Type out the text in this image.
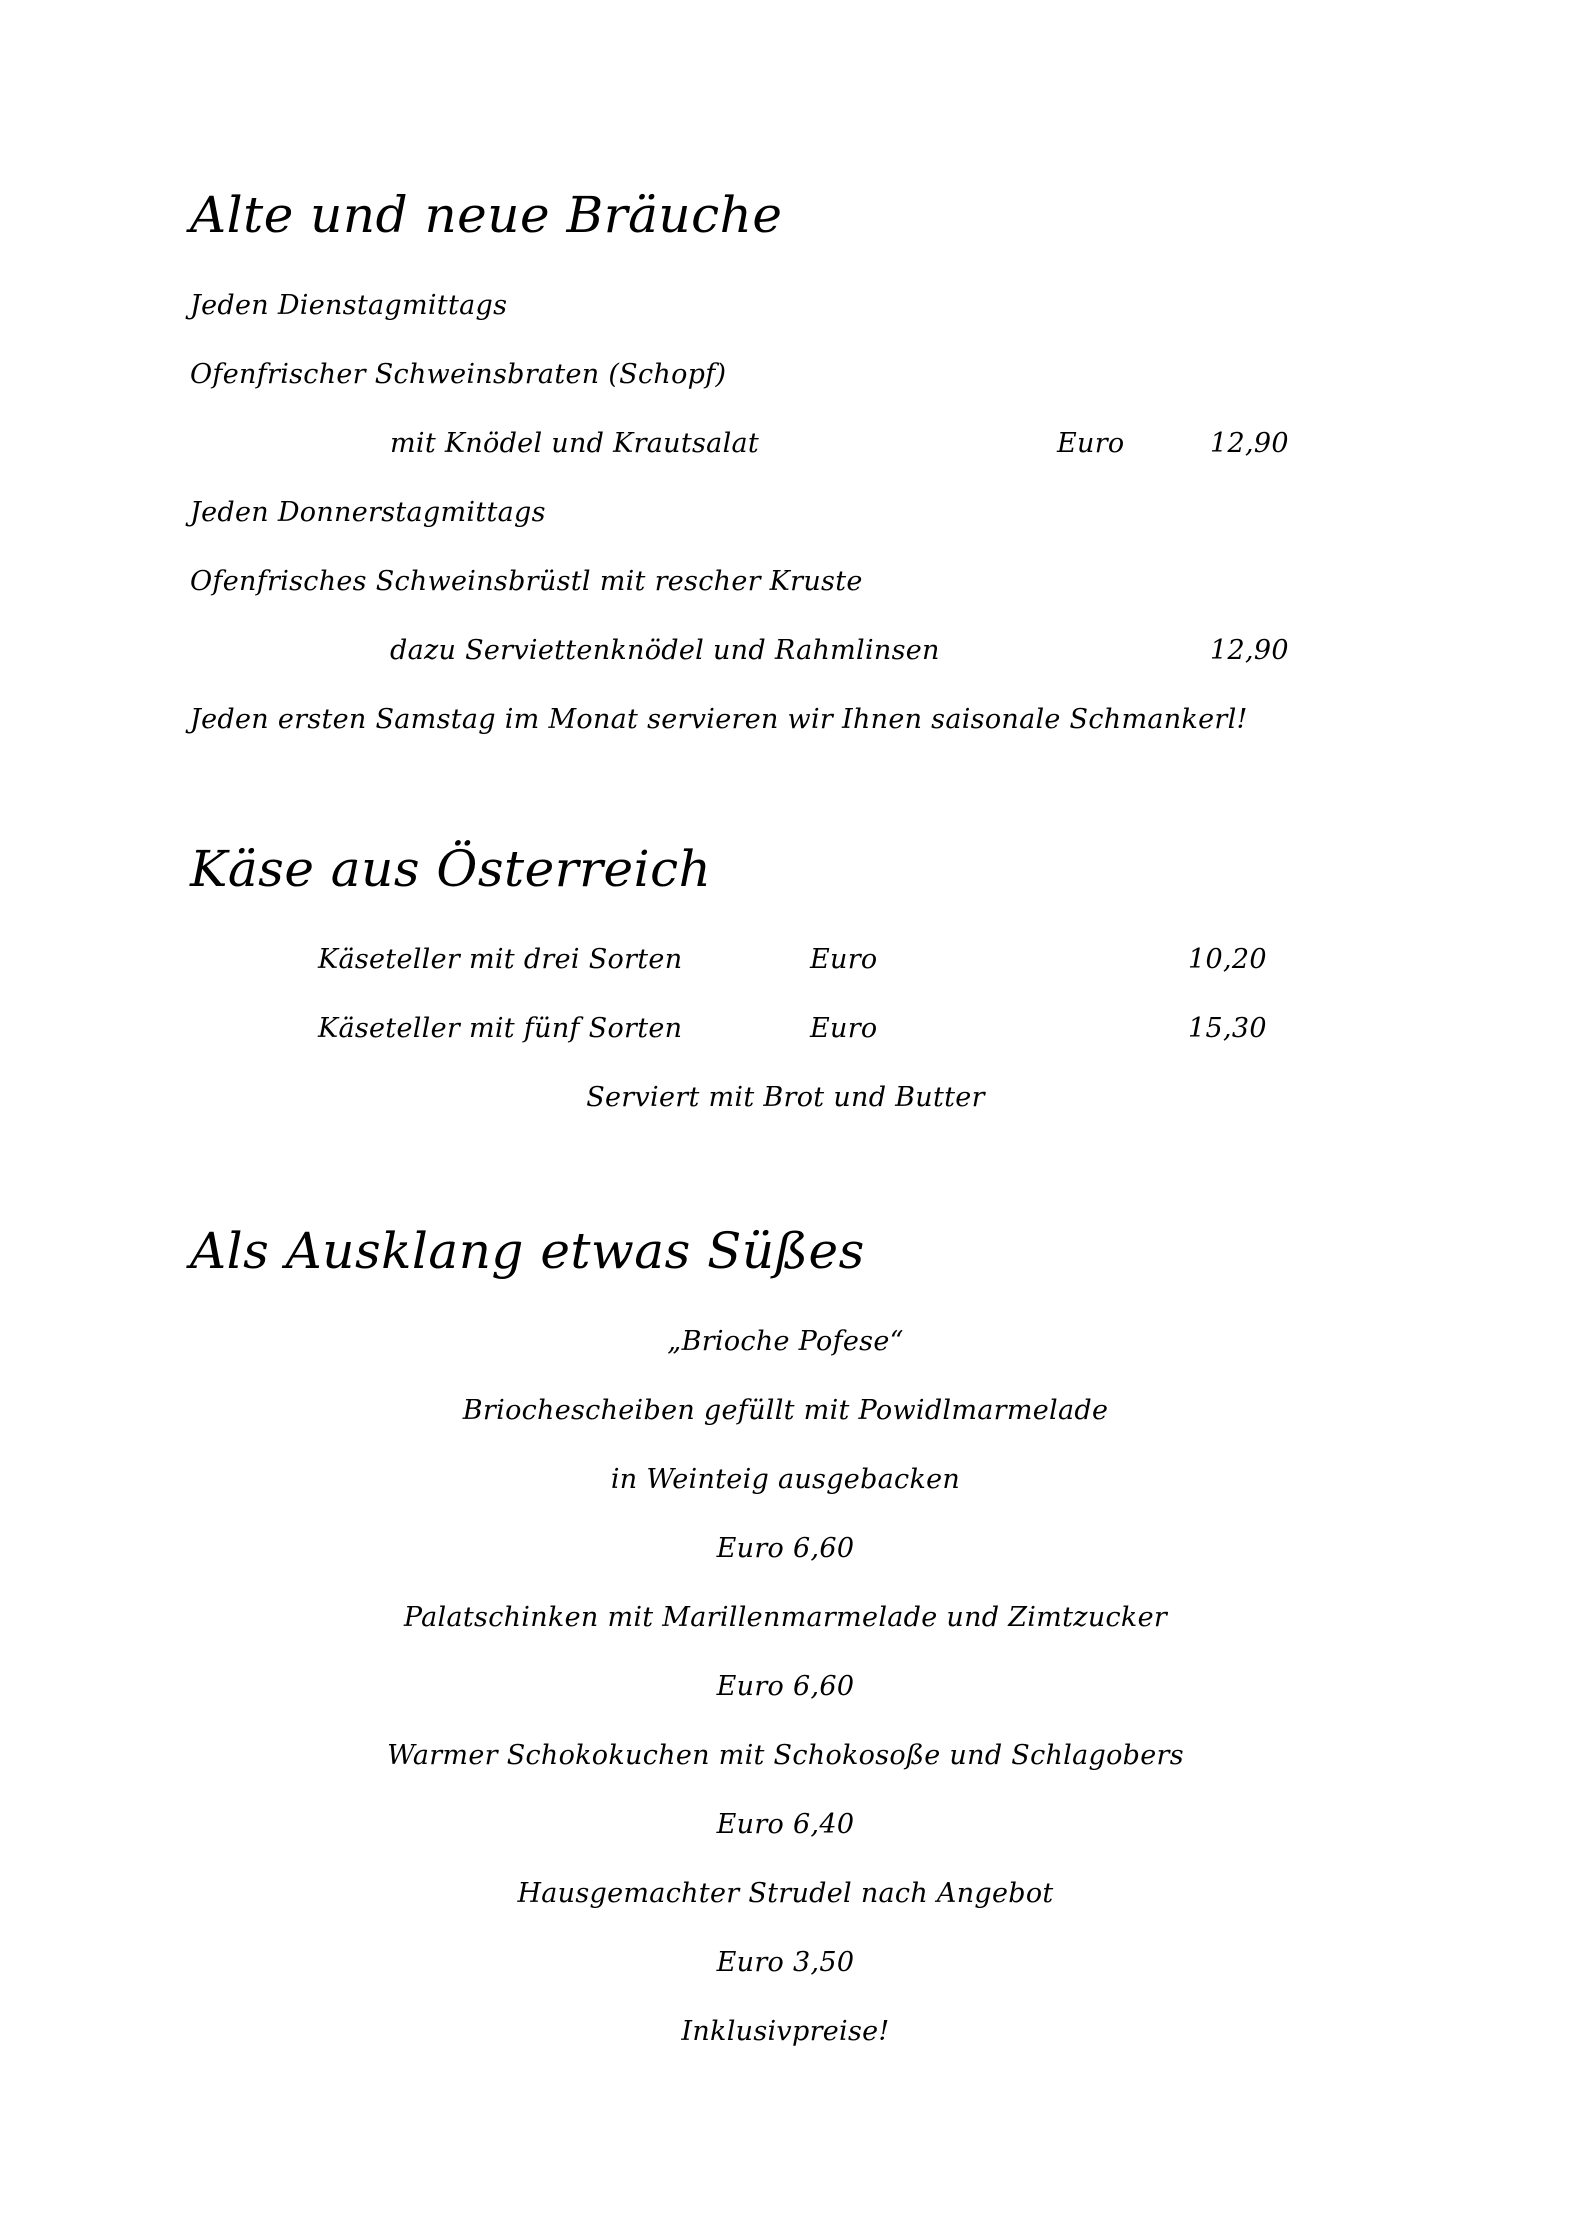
Alte und neue Bräuche
Jeden Dienstagmittags
Ofenfrischer Schweinsbraten (Schopf)
mit Knödel und Krautsalat	Euro	12,90
Jeden Donnerstagmittags
Ofenfrisches Schweinsbrüstl mit rescher Kruste
dazu Serviettenknödel und Rahmlinsen	12,90
Jeden ersten Samstag im Monat servieren wir Ihnen saisonale Schmankerl!
Käse aus Österreich
Käseteller mit drei Sorten	Euro	10,20
Käseteller mit fünf Sorten	Euro	15,30
Serviert mit Brot und Butter
Als Ausklang etwas Süßes
„Brioche Pofese“
Briochescheiben gefüllt mit Powidlmarmelade
in Weinteig ausgebacken
Euro 6,60
Palatschinken mit Marillenmarmelade und Zimtzucker
Euro 6,60
Warmer Schokokuchen mit Schokosoße und Schlagobers
Euro 6,40
Hausgemachter Strudel nach Angebot
Euro 3,50
Inklusivpreise!
